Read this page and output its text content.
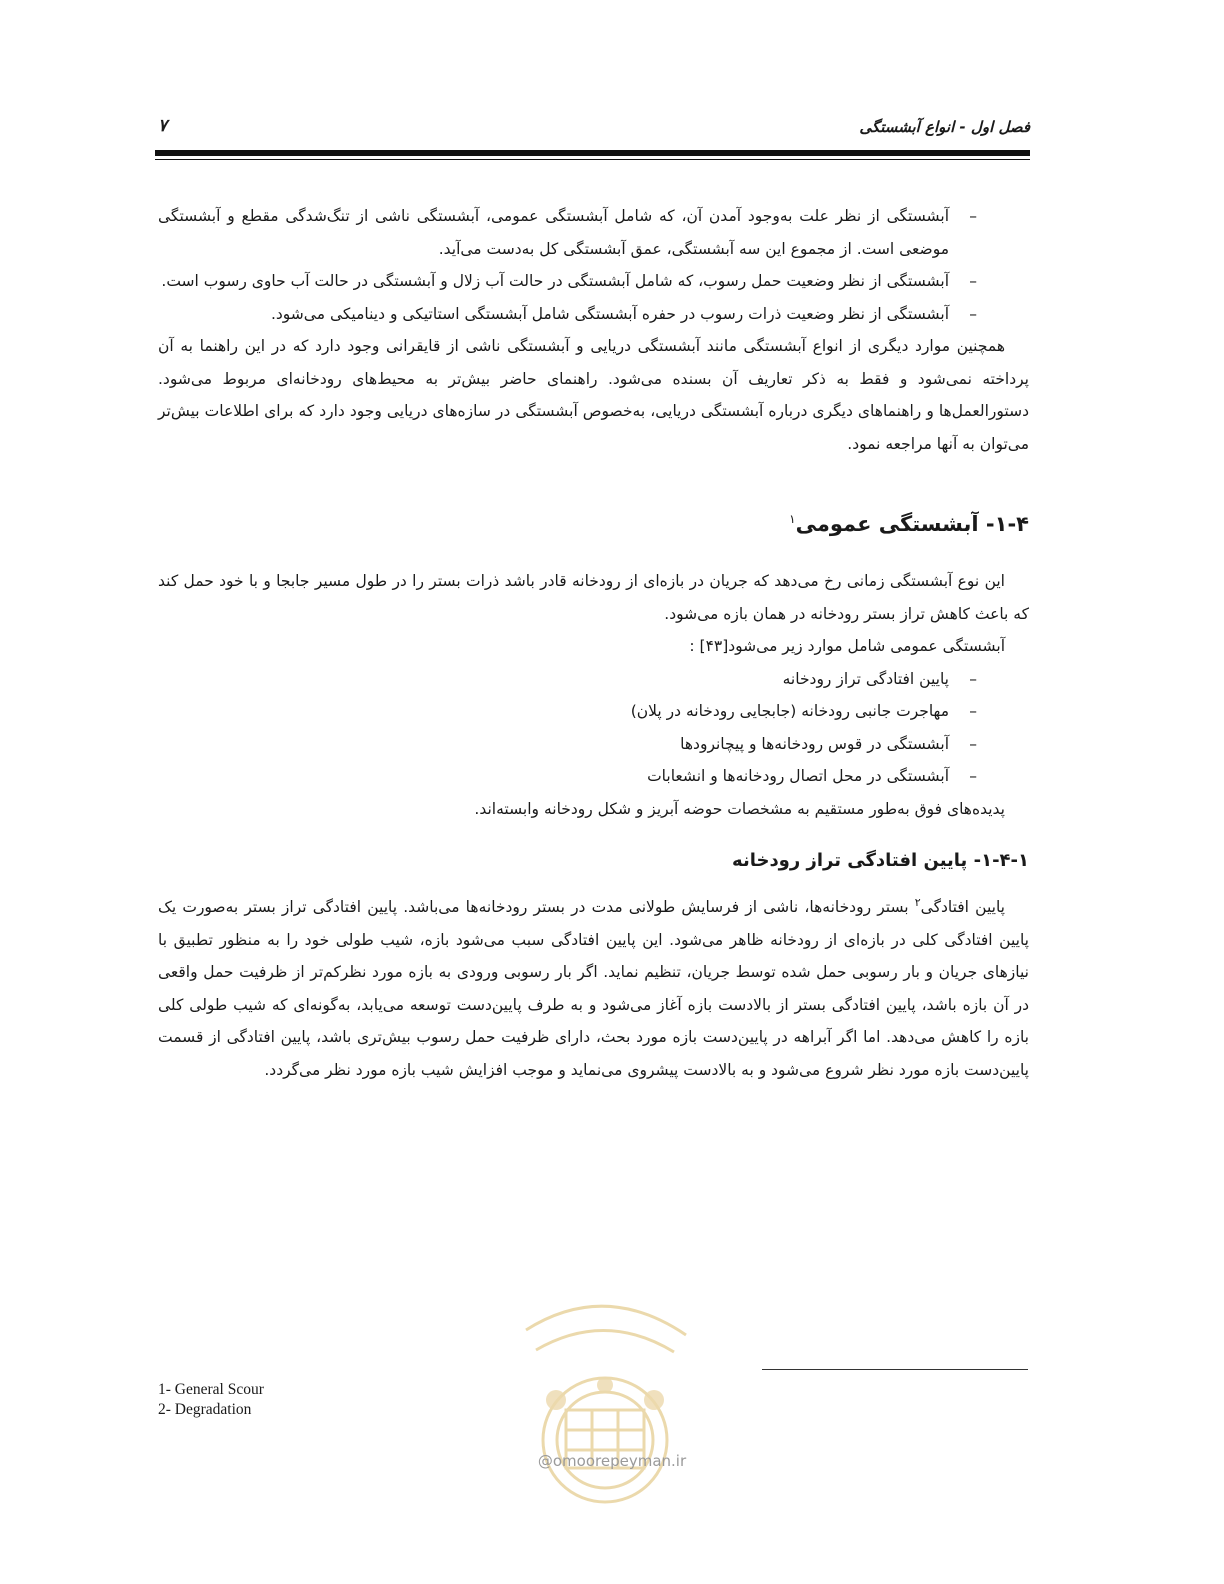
فصل اول - انواع آبشستگی
۷
–
آبشستگی از نظر علت به‌وجود آمدن آن، که شامل آبشستگی عمومی، آبشستگی ناشی از تنگ‌شدگی مقطع و آبشستگی موضعی است. از مجموع این سه آبشستگی، عمق آبشستگی کل به‌دست می‌آید.
–
آبشستگی از نظر وضعیت حمل رسوب، که شامل آبشستگی در حالت آب زلال و آبشستگی در حالت آب حاوی رسوب است.
–
آبشستگی از نظر وضعیت ذرات رسوب در حفره آبشستگی شامل آبشستگی استاتیکی و دینامیکی می‌شود.

همچنین موارد دیگری از انواع آبشستگی مانند آبشستگی دریایی و آبشستگی ناشی از قایقرانی وجود دارد که در این راهنما به آن پرداخته نمی‌شود و فقط به ذکر تعاریف آن بسنده می‌شود. راهنمای حاضر بیش‌تر به محیط‌های رودخانه‌ای مربوط می‌شود. دستورالعمل‌ها و راهنماهای دیگری درباره آبشستگی دریایی، به‌خصوص آبشستگی در سازه‌های دریایی وجود دارد که برای اطلاعات بیش‌تر می‌توان به آنها مراجعه نمود.

۱-۴- آبشستگی عمومی$^۱$

این نوع آبشستگی زمانی رخ می‌دهد که جریان در بازه‌ای از رودخانه قادر باشد ذرات بستر را در طول مسیر جابجا و با خود حمل کند که باعث کاهش تراز بستر رودخانه در همان بازه می‌شود.

آبشستگی عمومی شامل موارد زیر می‌شود[۴۳] :

–
پایین افتادگی تراز رودخانه
–
مهاجرت جانبی رودخانه (جابجایی رودخانه در پلان)
–
آبشستگی در قوس رودخانه‌ها و پیچانرودها
–
آبشستگی در محل اتصال رودخانه‌ها و انشعابات

پدیده‌های فوق به‌طور مستقیم به مشخصات حوضه آبریز و شکل رودخانه وابسته‌اند.

۱-۴-۱- پایین افتادگی تراز رودخانه

پایین افتادگی$^۲$ بستر رودخانه‌ها، ناشی از فرسایش طولانی مدت در بستر رودخانه‌ها می‌باشد. پایین افتادگی تراز بستر به‌صورت یک پایین افتادگی کلی در بازه‌ای از رودخانه ظاهر می‌شود. این پایین افتادگی سبب می‌شود بازه، شیب طولی خود را به منظور تطبیق با نیازهای جریان و بار رسوبی حمل شده توسط جریان، تنظیم نماید. اگر بار رسوبی ورودی به بازه مورد نظرکم‌تر از ظرفیت حمل واقعی در آن بازه باشد، پایین افتادگی بستر از بالادست بازه آغاز می‌شود و به طرف پایین‌دست توسعه می‌یابد، به‌گونه‌ای که شیب طولی کلی بازه را کاهش می‌دهد. اما اگر آبراهه در پایین‌دست بازه مورد بحث، دارای ظرفیت حمل رسوب بیش‌تری باشد، پایین افتادگی از قسمت پایین‌دست بازه مورد نظر شروع می‌شود و به بالادست پیشروی می‌نماید و موجب افزایش شیب بازه مورد نظر می‌گردد.

1- General Scour
2- Degradation
@omoorepeyman.ir
